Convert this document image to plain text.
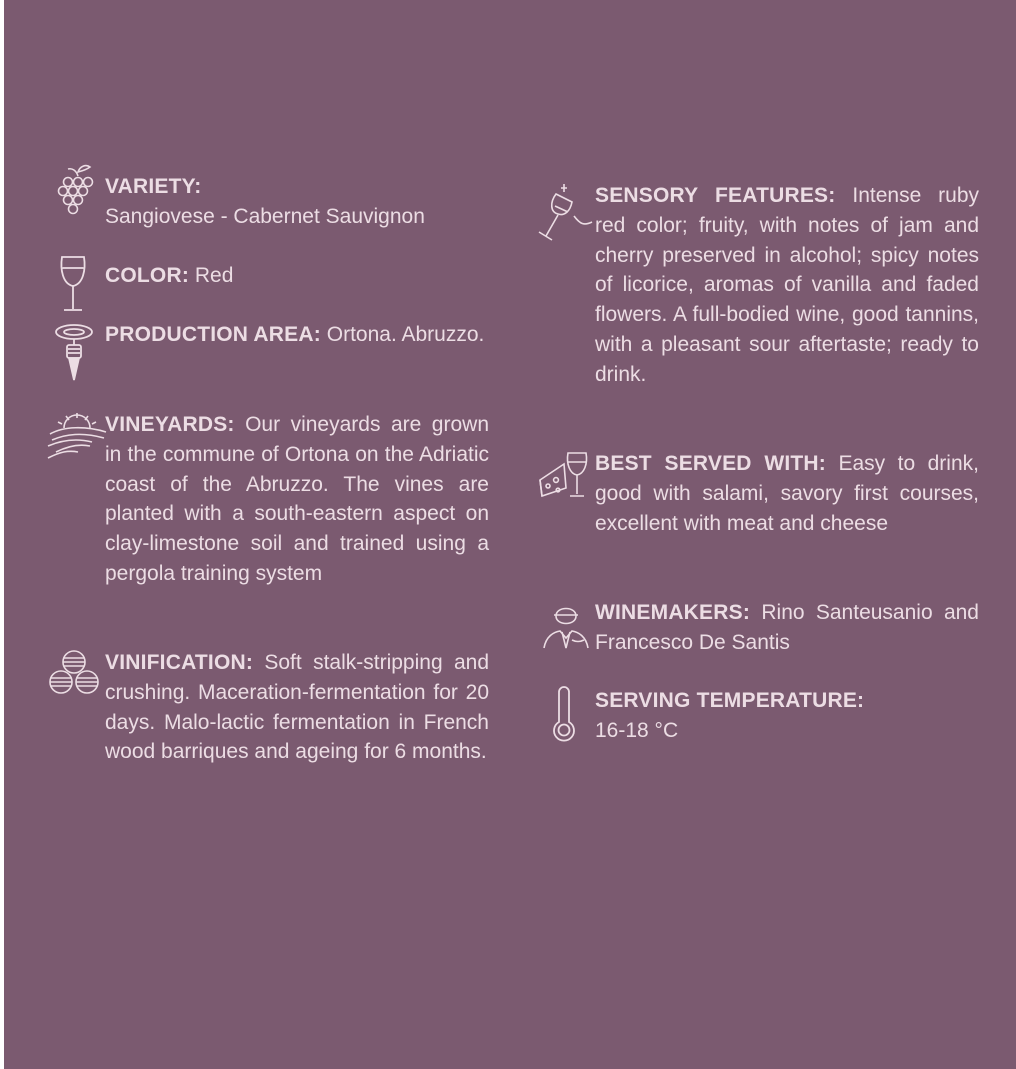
VARIETY:
Sangiovese - Cabernet Sauvignon

COLOR: Red

PRODUCTION AREA: Ortona. Abruzzo.

VINEYARDS: Our vineyards are grown in the commune of Ortona on the Adriatic coast of the Abruzzo. The vines are planted with a south-eastern aspect on clay-limestone soil and trained using a pergola training system

VINIFICATION: Soft stalk-stripping and crushing. Maceration-fermentation for 20 days. Malo-lactic fermentation in French wood barriques and ageing for 6 months.

SENSORY FEATURES: Intense ruby red color; fruity, with notes of jam and cherry preserved in alcohol; spicy notes of licorice, aromas of vanilla and faded flowers. A full-bodied wine, good tannins, with a pleasant sour aftertaste; ready to drink.

BEST SERVED WITH: Easy to drink, good with salami, savory first courses, excellent with meat and cheese

WINEMAKERS: Rino Santeusanio and Francesco De Santis

SERVING TEMPERATURE:
16-18 °C
